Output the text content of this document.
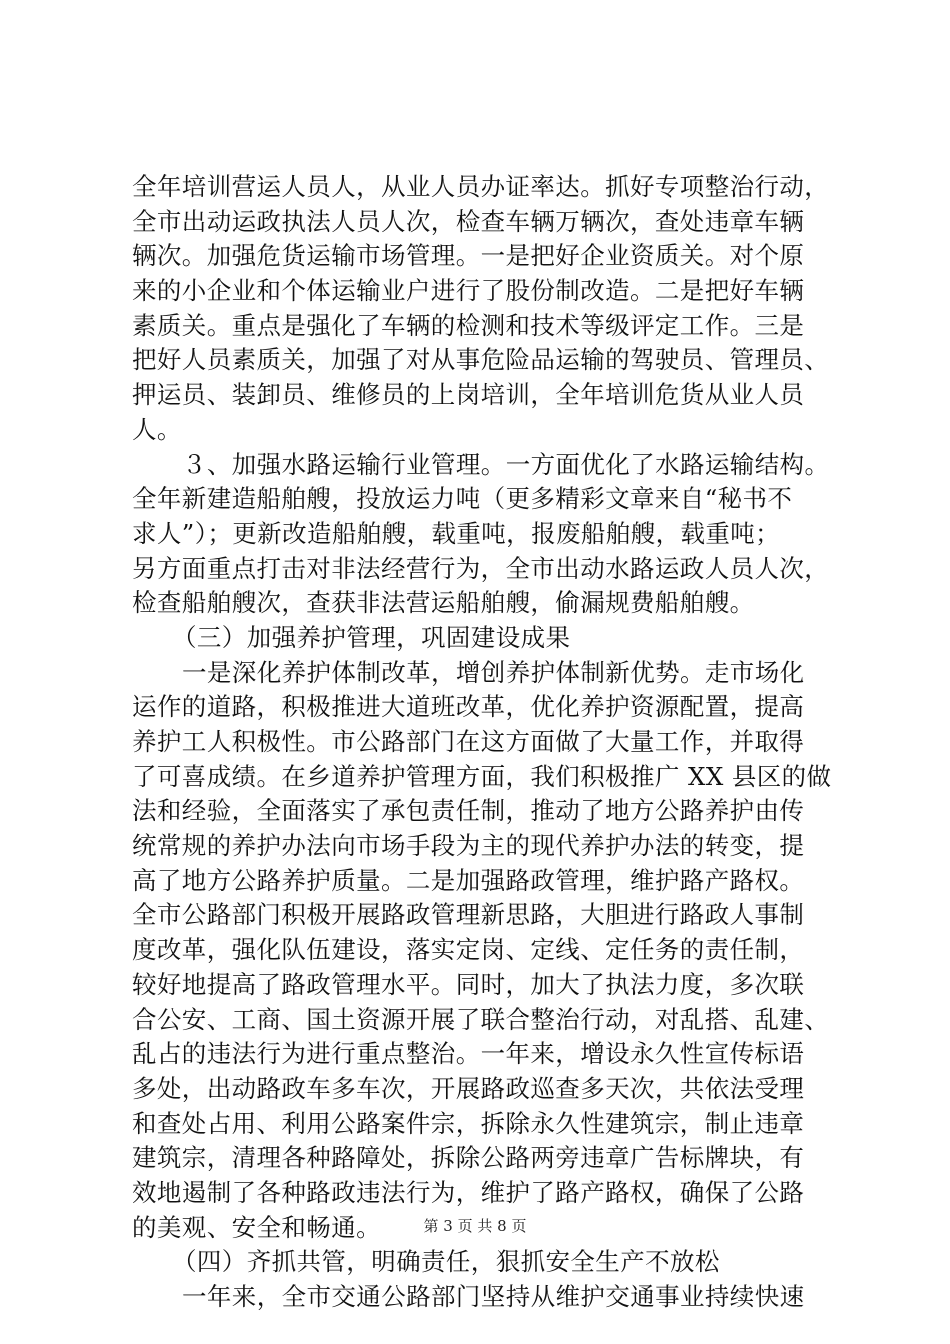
全年培训营运人员人，从业人员办证率达。抓好专项整治行动，
全市出动运政执法人员人次，检查车辆万辆次，查处违章车辆
辆次。加强危货运输市场管理。一是把好企业资质关。对个原
来的小企业和个体运输业户进行了股份制改造。二是把好车辆
素质关。重点是强化了车辆的检测和技术等级评定工作。三是
把好人员素质关，加强了对从事危险品运输的驾驶员、管理员、
押运员、装卸员、维修员的上岗培训，全年培训危货从业人员
人。
３、加强水路运输行业管理。一方面优化了水路运输结构。
全年新建造船舶艘，投放运力吨（更多精彩文章来自“秘书不
求人”）；更新改造船舶艘，载重吨，报废船舶艘，载重吨；
另方面重点打击对非法经营行为，全市出动水路运政人员人次，
检查船舶艘次，查获非法营运船舶艘，偷漏规费船舶艘。
（三）加强养护管理，巩固建设成果
一是深化养护体制改革，增创养护体制新优势。走市场化
运作的道路，积极推进大道班改革，优化养护资源配置，提高
养护工人积极性。市公路部门在这方面做了大量工作，并取得
了可喜成绩。在乡道养护管理方面，我们积极推广 XX 县区的做
法和经验，全面落实了承包责任制，推动了地方公路养护由传
统常规的养护办法向市场手段为主的现代养护办法的转变，提
高了地方公路养护质量。二是加强路政管理，维护路产路权。
全市公路部门积极开展路政管理新思路，大胆进行路政人事制
度改革，强化队伍建设，落实定岗、定线、定任务的责任制，
较好地提高了路政管理水平。同时，加大了执法力度，多次联
合公安、工商、国土资源开展了联合整治行动，对乱搭、乱建、
乱占的违法行为进行重点整治。一年来，增设永久性宣传标语
多处，出动路政车多车次，开展路政巡查多天次，共依法受理
和查处占用、利用公路案件宗，拆除永久性建筑宗，制止违章
建筑宗，清理各种路障处，拆除公路两旁违章广告标牌块，有
效地遏制了各种路政违法行为，维护了路产路权，确保了公路
的美观、安全和畅通。
（四）齐抓共管，明确责任，狠抓安全生产不放松
一年来，全市交通公路部门坚持从维护交通事业持续快速
第 3 页 共 8 页
